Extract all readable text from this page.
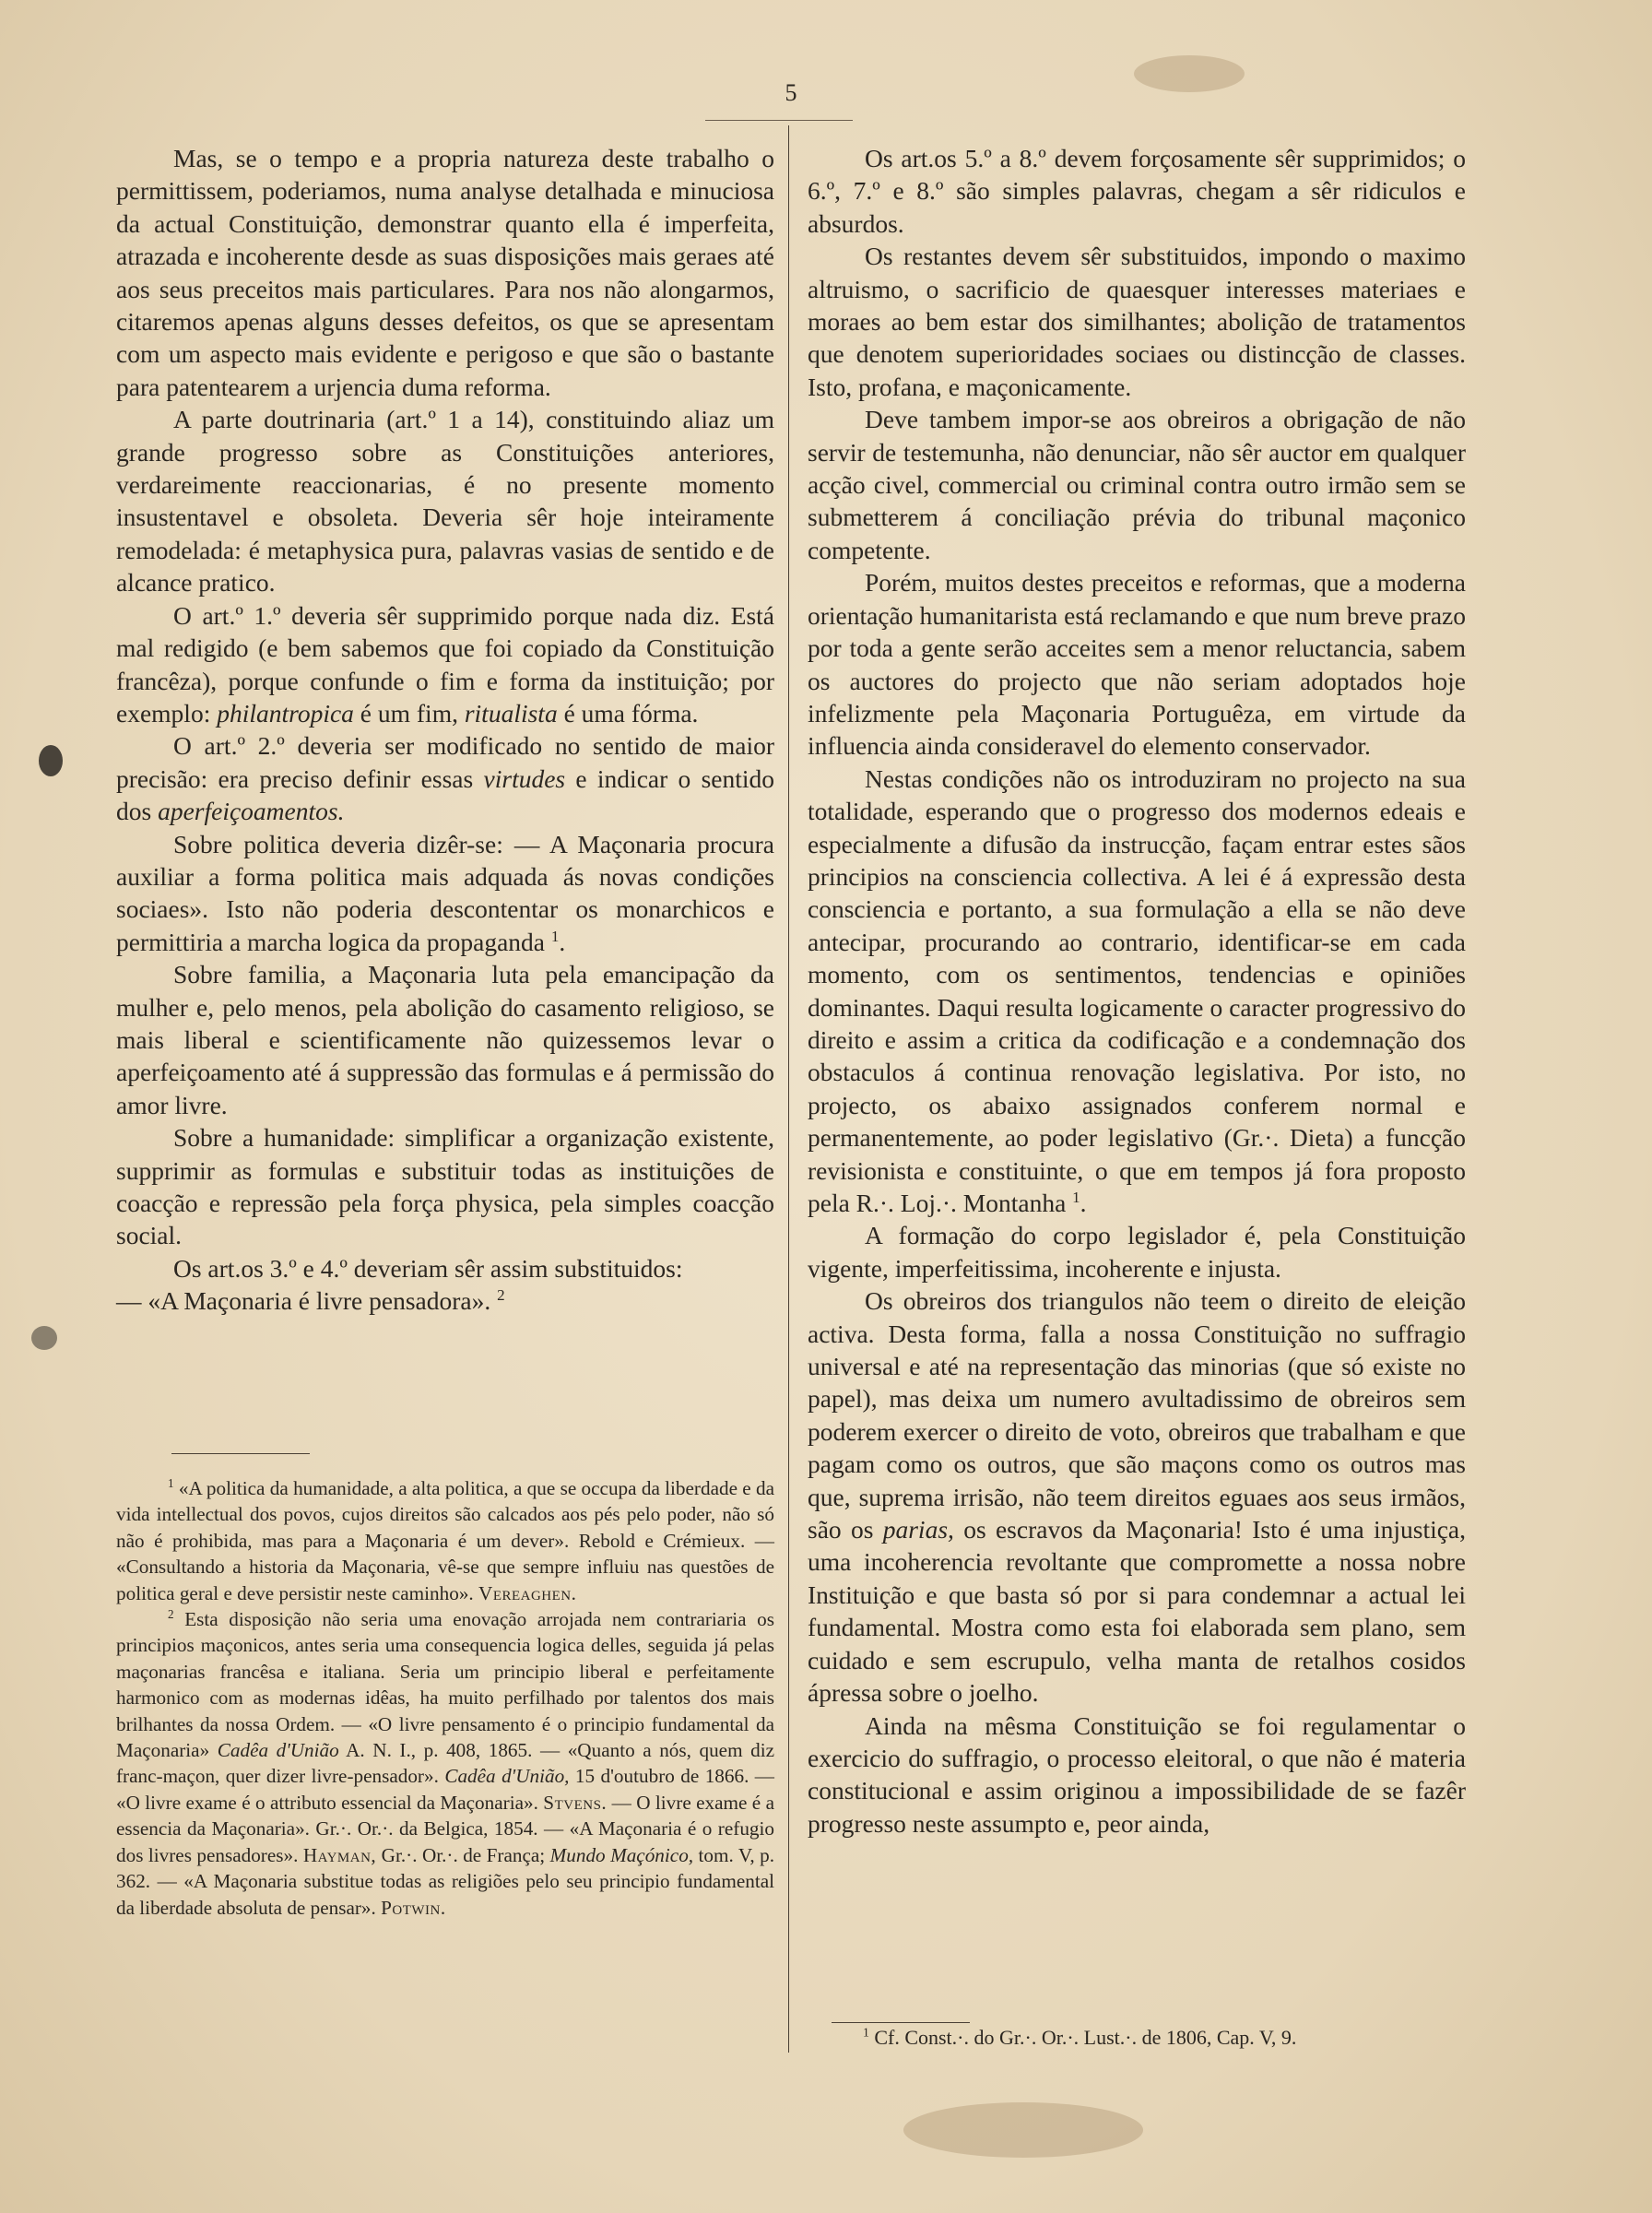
5

Mas, se o tempo e a propria natureza deste trabalho o permittissem, poderiamos, numa analyse detalhada e minuciosa da actual Constituição, demonstrar quanto ella é imperfeita, atrazada e incoherente desde as suas disposições mais geraes até aos seus preceitos mais particulares. Para nos não alongarmos, citaremos apenas alguns desses defeitos, os que se apresentam com um aspecto mais evidente e perigoso e que são o bastante para patentearem a urjencia duma reforma.

A parte doutrinaria (art.º 1 a 14), constituindo aliaz um grande progresso sobre as Constituições anteriores, verdareimente reaccionarias, é no presente momento insustentavel e obsoleta. Deveria sêr hoje inteiramente remodelada: é metaphysica pura, palavras vasias de sentido e de alcance pratico.

O art.º 1.º deveria sêr supprimido porque nada diz. Está mal redigido (e bem sabemos que foi copiado da Constituição francêza), porque confunde o fim e forma da instituição; por exemplo: philantropica é um fim, ritualista é uma fórma.

O art.º 2.º deveria ser modificado no sentido de maior precisão: era preciso definir essas virtudes e indicar o sentido dos aperfeiçoamentos.

Sobre politica deveria dizêr-se: — A Maçonaria procura auxiliar a forma politica mais adquada ás novas condições sociaes». Isto não poderia descontentar os monarchicos e permittiria a marcha logica da propaganda $^1$.

Sobre familia, a Maçonaria luta pela emancipação da mulher e, pelo menos, pela abolição do casamento religioso, se mais liberal e scientificamente não quizessemos levar o aperfeiçoamento até á suppressão das formulas e á permissão do amor livre.

Sobre a humanidade: simplificar a organização existente, supprimir as formulas e substituir todas as instituições de coacção e repressão pela força physica, pela simples coacção social.

Os art.os 3.º e 4.º deveriam sêr assim substituidos:

— «A Maçonaria é livre pensadora». $^2$

$^1$ «A politica da humanidade, a alta politica, a que se occupa da liberdade e da vida intellectual dos povos, cujos direitos são calcados aos pés pelo poder, não só não é prohibida, mas para a Maçonaria é um dever». Rebold e Crémieux. — «Consultando a historia da Maçonaria, vê-se que sempre influiu nas questões de politica geral e deve persistir neste caminho». Vereaghen.

$^2$ Esta disposição não seria uma enovação arrojada nem contrariaria os principios maçonicos, antes seria uma consequencia logica delles, seguida já pelas maçonarias francêsa e italiana. Seria um principio liberal e perfeitamente harmonico com as modernas idêas, ha muito perfilhado por talentos dos mais brilhantes da nossa Ordem. — «O livre pensamento é o principio fundamental da Maçonaria» Cadêa d'União A. N. I., p. 408, 1865. — «Quanto a nós, quem diz franc-maçon, quer dizer livre-pensador». Cadêa d'União, 15 d'outubro de 1866. — «O livre exame é o attributo essencial da Maçonaria». Stvens. — O livre exame é a essencia da Maçonaria». Gr.·. Or.·. da Belgica, 1854. — «A Maçonaria é o refugio dos livres pensadores». Hayman, Gr.·. Or.·. de França; Mundo Maçónico, tom. V, p. 362. — «A Maçonaria substitue todas as religiões pelo seu principio fundamental da liberdade absoluta de pensar». Potwin.

Os art.os 5.º a 8.º devem forçosamente sêr supprimidos; o 6.º, 7.º e 8.º são simples palavras, chegam a sêr ridiculos e absurdos.

Os restantes devem sêr substituidos, impondo o maximo altruismo, o sacrificio de quaesquer interesses materiaes e moraes ao bem estar dos similhantes; abolição de tratamentos que denotem superioridades sociaes ou distincção de classes. Isto, profana, e maçonicamente.

Deve tambem impor-se aos obreiros a obrigação de não servir de testemunha, não denunciar, não sêr auctor em qualquer acção civel, commercial ou criminal contra outro irmão sem se submetterem á conciliação prévia do tribunal maçonico competente.

Porém, muitos destes preceitos e reformas, que a moderna orientação humanitarista está reclamando e que num breve prazo por toda a gente serão acceites sem a menor reluctancia, sabem os auctores do projecto que não seriam adoptados hoje infelizmente pela Maçonaria Portuguêza, em virtude da influencia ainda consideravel do elemento conservador.

Nestas condições não os introduziram no projecto na sua totalidade, esperando que o progresso dos modernos edeais e especialmente a difusão da instrucção, façam entrar estes sãos principios na consciencia collectiva. A lei é á expressão desta consciencia e portanto, a sua formulação a ella se não deve antecipar, procurando ao contrario, identificar-se em cada momento, com os sentimentos, tendencias e opiniões dominantes. Daqui resulta logicamente o caracter progressivo do direito e assim a critica da codificação e a condemnação dos obstaculos á continua renovação legislativa. Por isto, no projecto, os abaixo assignados conferem normal e permanentemente, ao poder legislativo (Gr.·. Dieta) a funcção revisionista e constituinte, o que em tempos já fora proposto pela R.·. Loj.·. Montanha $^1$.

A formação do corpo legislador é, pela Constituição vigente, imperfeitissima, incoherente e injusta.

Os obreiros dos triangulos não teem o direito de eleição activa. Desta forma, falla a nossa Constituição no suffragio universal e até na representação das minorias (que só existe no papel), mas deixa um numero avultadissimo de obreiros sem poderem exercer o direito de voto, obreiros que trabalham e que pagam como os outros, que são maçons como os outros mas que, suprema irrisão, não teem direitos eguaes aos seus irmãos, são os parias, os escravos da Maçonaria! Isto é uma injustiça, uma incoherencia revoltante que compromette a nossa nobre Instituição e que basta só por si para condemnar a actual lei fundamental. Mostra como esta foi elaborada sem plano, sem cuidado e sem escrupulo, velha manta de retalhos cosidos ápressa sobre o joelho.

Ainda na mêsma Constituição se foi regulamentar o exercicio do suffragio, o processo eleitoral, o que não é materia constitucional e assim originou a impossibilidade de se fazêr progresso neste assumpto e, peor ainda,

$^1$ Cf. Const.·. do Gr.·. Or.·. Lust.·. de 1806, Cap. V, 9.
